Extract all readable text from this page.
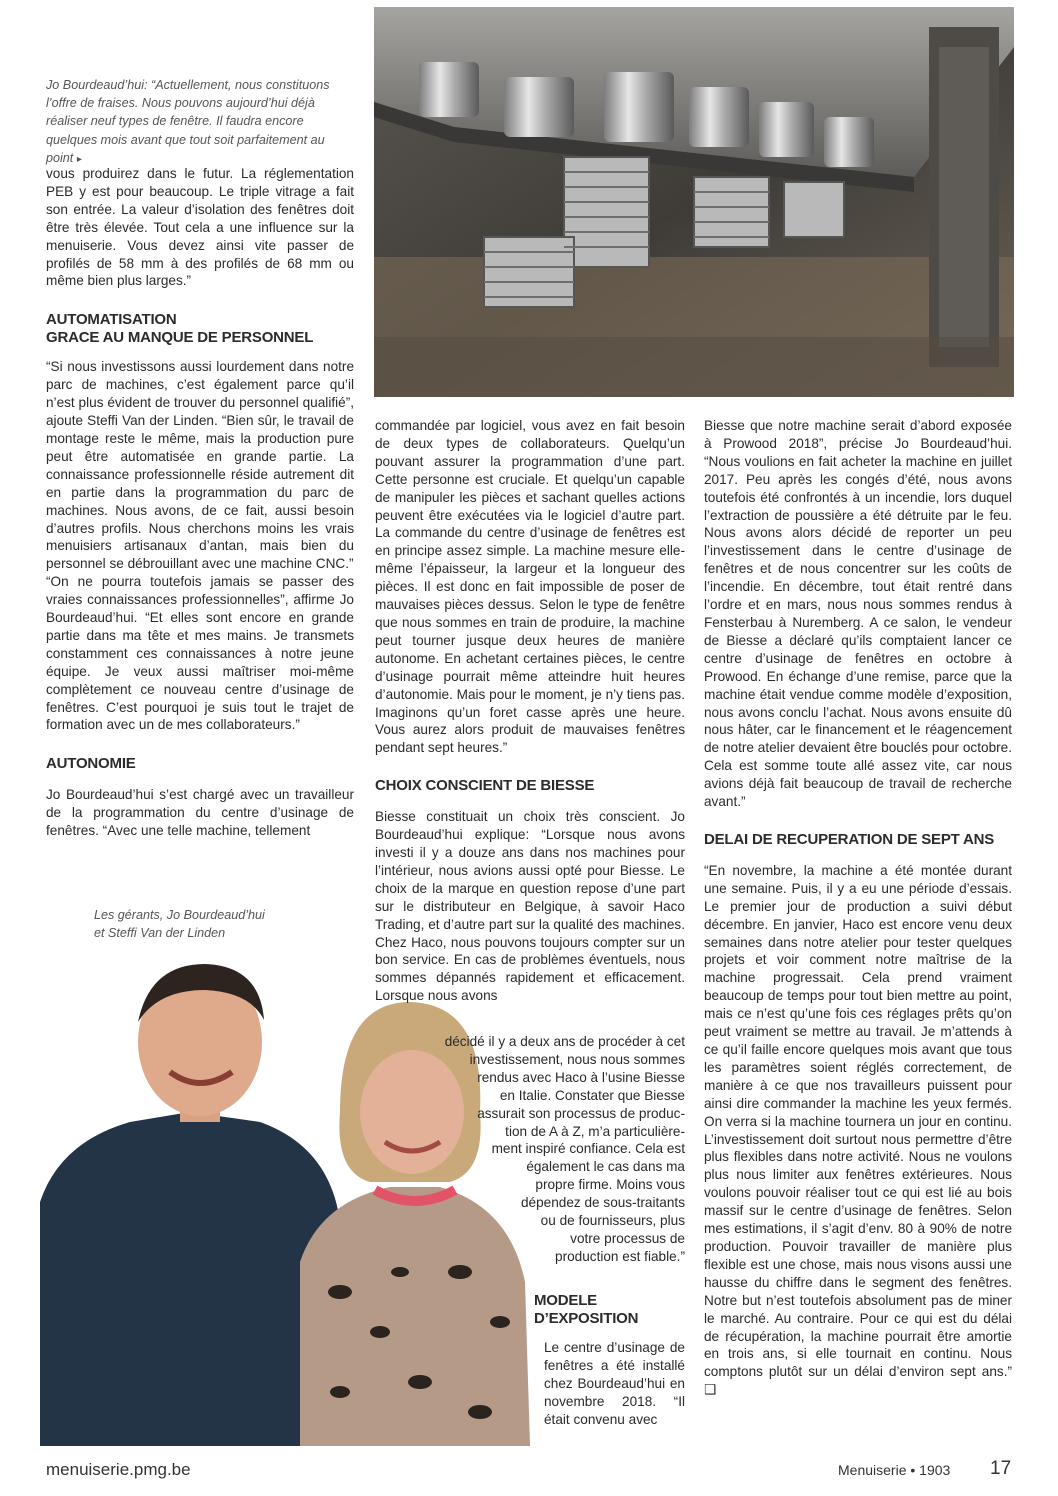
Jo Bourdeaud’hui: “Actuellement, nous constituons l’offre de fraises. Nous pouvons aujourd’hui déjà réaliser neuf types de fenêtre. Il faudra encore quelques mois avant que tout soit parfaitement au point ▸

vous produirez dans le futur. La réglementation PEB y est pour beaucoup. Le triple vitrage a fait son entrée. La valeur d’isolation des fenêtres doit être très élevée. Tout cela a une influence sur la menuiserie. Vous devez ainsi vite passer de profilés de 58 mm à des profilés de 68 mm ou même bien plus larges.”

AUTOMATISATION
GRACE AU MANQUE DE PERSONNEL

“Si nous investissons aussi lourdement dans notre parc de machines, c’est également parce qu’il n’est plus évident de trouver du personnel qualifié”, ajoute Steffi Van der Linden. “Bien sûr, le travail de montage reste le même, mais la production pure peut être automatisée en grande partie. La connaissance professionnelle réside autrement dit en partie dans la programmation du parc de machines. Nous avons, de ce fait, aussi besoin d’autres profils. Nous cherchons moins les vrais menuisiers artisanaux d’antan, mais bien du personnel se débrouillant avec une machine CNC.”

“On ne pourra toutefois jamais se passer des vraies connaissances professionnelles”, affirme Jo Bourdeaud’hui. “Et elles sont encore en grande partie dans ma tête et mes mains. Je transmets constamment ces connaissances à notre jeune équipe. Je veux aussi maîtriser moi-même complètement ce nouveau centre d’usinage de fenêtres. C’est pourquoi je suis tout le trajet de formation avec un de mes collaborateurs.”

AUTONOMIE

Jo Bourdeaud’hui s’est chargé avec un travailleur de la programmation du centre d’usinage de fenêtres. “Avec une telle machine, tellement

Les gérants, Jo Bourdeaud’hui
et Steffi Van der Linden

commandée par logiciel, vous avez en fait besoin de deux types de collaborateurs. Quelqu’un pouvant assurer la programmation d’une part. Cette personne est cruciale. Et quelqu’un capable de manipuler les pièces et sachant quelles actions peuvent être exécutées via le logiciel d’autre part. La commande du centre d’usinage de fenêtres est en principe assez simple. La machine mesure elle-même l’épaisseur, la largeur et la longueur des pièces. Il est donc en fait impossible de poser de mauvaises pièces dessus. Selon le type de fenêtre que nous sommes en train de produire, la machine peut tourner jusque deux heures de manière autonome. En achetant certaines pièces, le centre d’usinage pourrait même atteindre huit heures d’autonomie. Mais pour le moment, je n’y tiens pas. Imaginons qu’un foret casse après une heure. Vous aurez alors produit de mauvaises fenêtres pendant sept heures.”

CHOIX CONSCIENT DE BIESSE

Biesse constituait un choix très conscient. Jo Bourdeaud’hui explique: “Lorsque nous avons investi il y a douze ans dans nos machines pour l’intérieur, nous avions aussi opté pour Biesse. Le choix de la marque en question repose d’une part sur le distributeur en Belgique, à savoir Haco Trading, et d’autre part sur la qualité des machines. Chez Haco, nous pouvons toujours compter sur un bon service. En cas de problèmes éventuels, nous sommes dépannés rapidement et efficacement. Lorsque nous avons

décidé il y a deux ans de procéder à cet
investissement, nous nous sommes
rendus avec Haco à l’usine Biesse
en Italie. Constater que Biesse
assurait son processus de produc-
tion de A à Z, m’a particulière-
ment inspiré confiance. Cela est
également le cas dans ma
propre firme. Moins vous
dépendez de sous-traitants
ou de fournisseurs, plus
votre processus de
production est fiable.”
MODELE
D’EXPOSITION

Le centre d’usinage de fenêtres a été installé chez Bourdeaud’hui en novembre 2018. “Il était convenu avec

Biesse que notre machine serait d’abord exposée à Prowood 2018”, précise Jo Bourdeaud’hui. “Nous voulions en fait acheter la machine en juillet 2017. Peu après les congés d’été, nous avons toutefois été confrontés à un incendie, lors duquel l’extraction de poussière a été détruite par le feu. Nous avons alors décidé de reporter un peu l’investissement dans le centre d’usinage de fenêtres et de nous concentrer sur les coûts de l’incendie. En décembre, tout était rentré dans l’ordre et en mars, nous nous sommes rendus à Fensterbau à Nuremberg. A ce salon, le vendeur de Biesse a déclaré qu’ils comptaient lancer ce centre d’usinage de fenêtres en octobre à Prowood. En échange d’une remise, parce que la machine était vendue comme modèle d’exposition, nous avons conclu l’achat. Nous avons ensuite dû nous hâter, car le financement et le réagencement de notre atelier devaient être bouclés pour octobre. Cela est somme toute allé assez vite, car nous avions déjà fait beaucoup de travail de recherche avant.”

DELAI DE RECUPERATION DE SEPT ANS

“En novembre, la machine a été montée durant une semaine. Puis, il y a eu une période d’essais. Le premier jour de production a suivi début décembre. En janvier, Haco est encore venu deux semaines dans notre atelier pour tester quelques projets et voir comment notre maîtrise de la machine progressait. Cela prend vraiment beaucoup de temps pour tout bien mettre au point, mais ce n’est qu’une fois ces réglages prêts qu’on peut vraiment se mettre au travail. Je m’attends à ce qu’il faille encore quelques mois avant que tous les paramètres soient réglés correctement, de manière à ce que nos travailleurs puissent pour ainsi dire commander la machine les yeux fermés. On verra si la machine tournera un jour en continu. L’investissement doit surtout nous permettre d’être plus flexibles dans notre activité. Nous ne voulons plus nous limiter aux fenêtres extérieures. Nous voulons pouvoir réaliser tout ce qui est lié au bois massif sur le centre d’usinage de fenêtres. Selon mes estimations, il s’agit d’env. 80 à 90% de notre production. Pouvoir travailler de manière plus flexible est une chose, mais nous visons aussi une hausse du chiffre dans le segment des fenêtres. Notre but n’est toutefois absolument pas de miner le marché. Au contraire. Pour ce qui est du délai de récupération, la machine pourrait être amortie en trois ans, si elle tournait en continu. Nous comptons plutôt sur un délai d’environ sept ans.” ❑

menuiserie.pmg.be	Menuiserie • 1903 17
